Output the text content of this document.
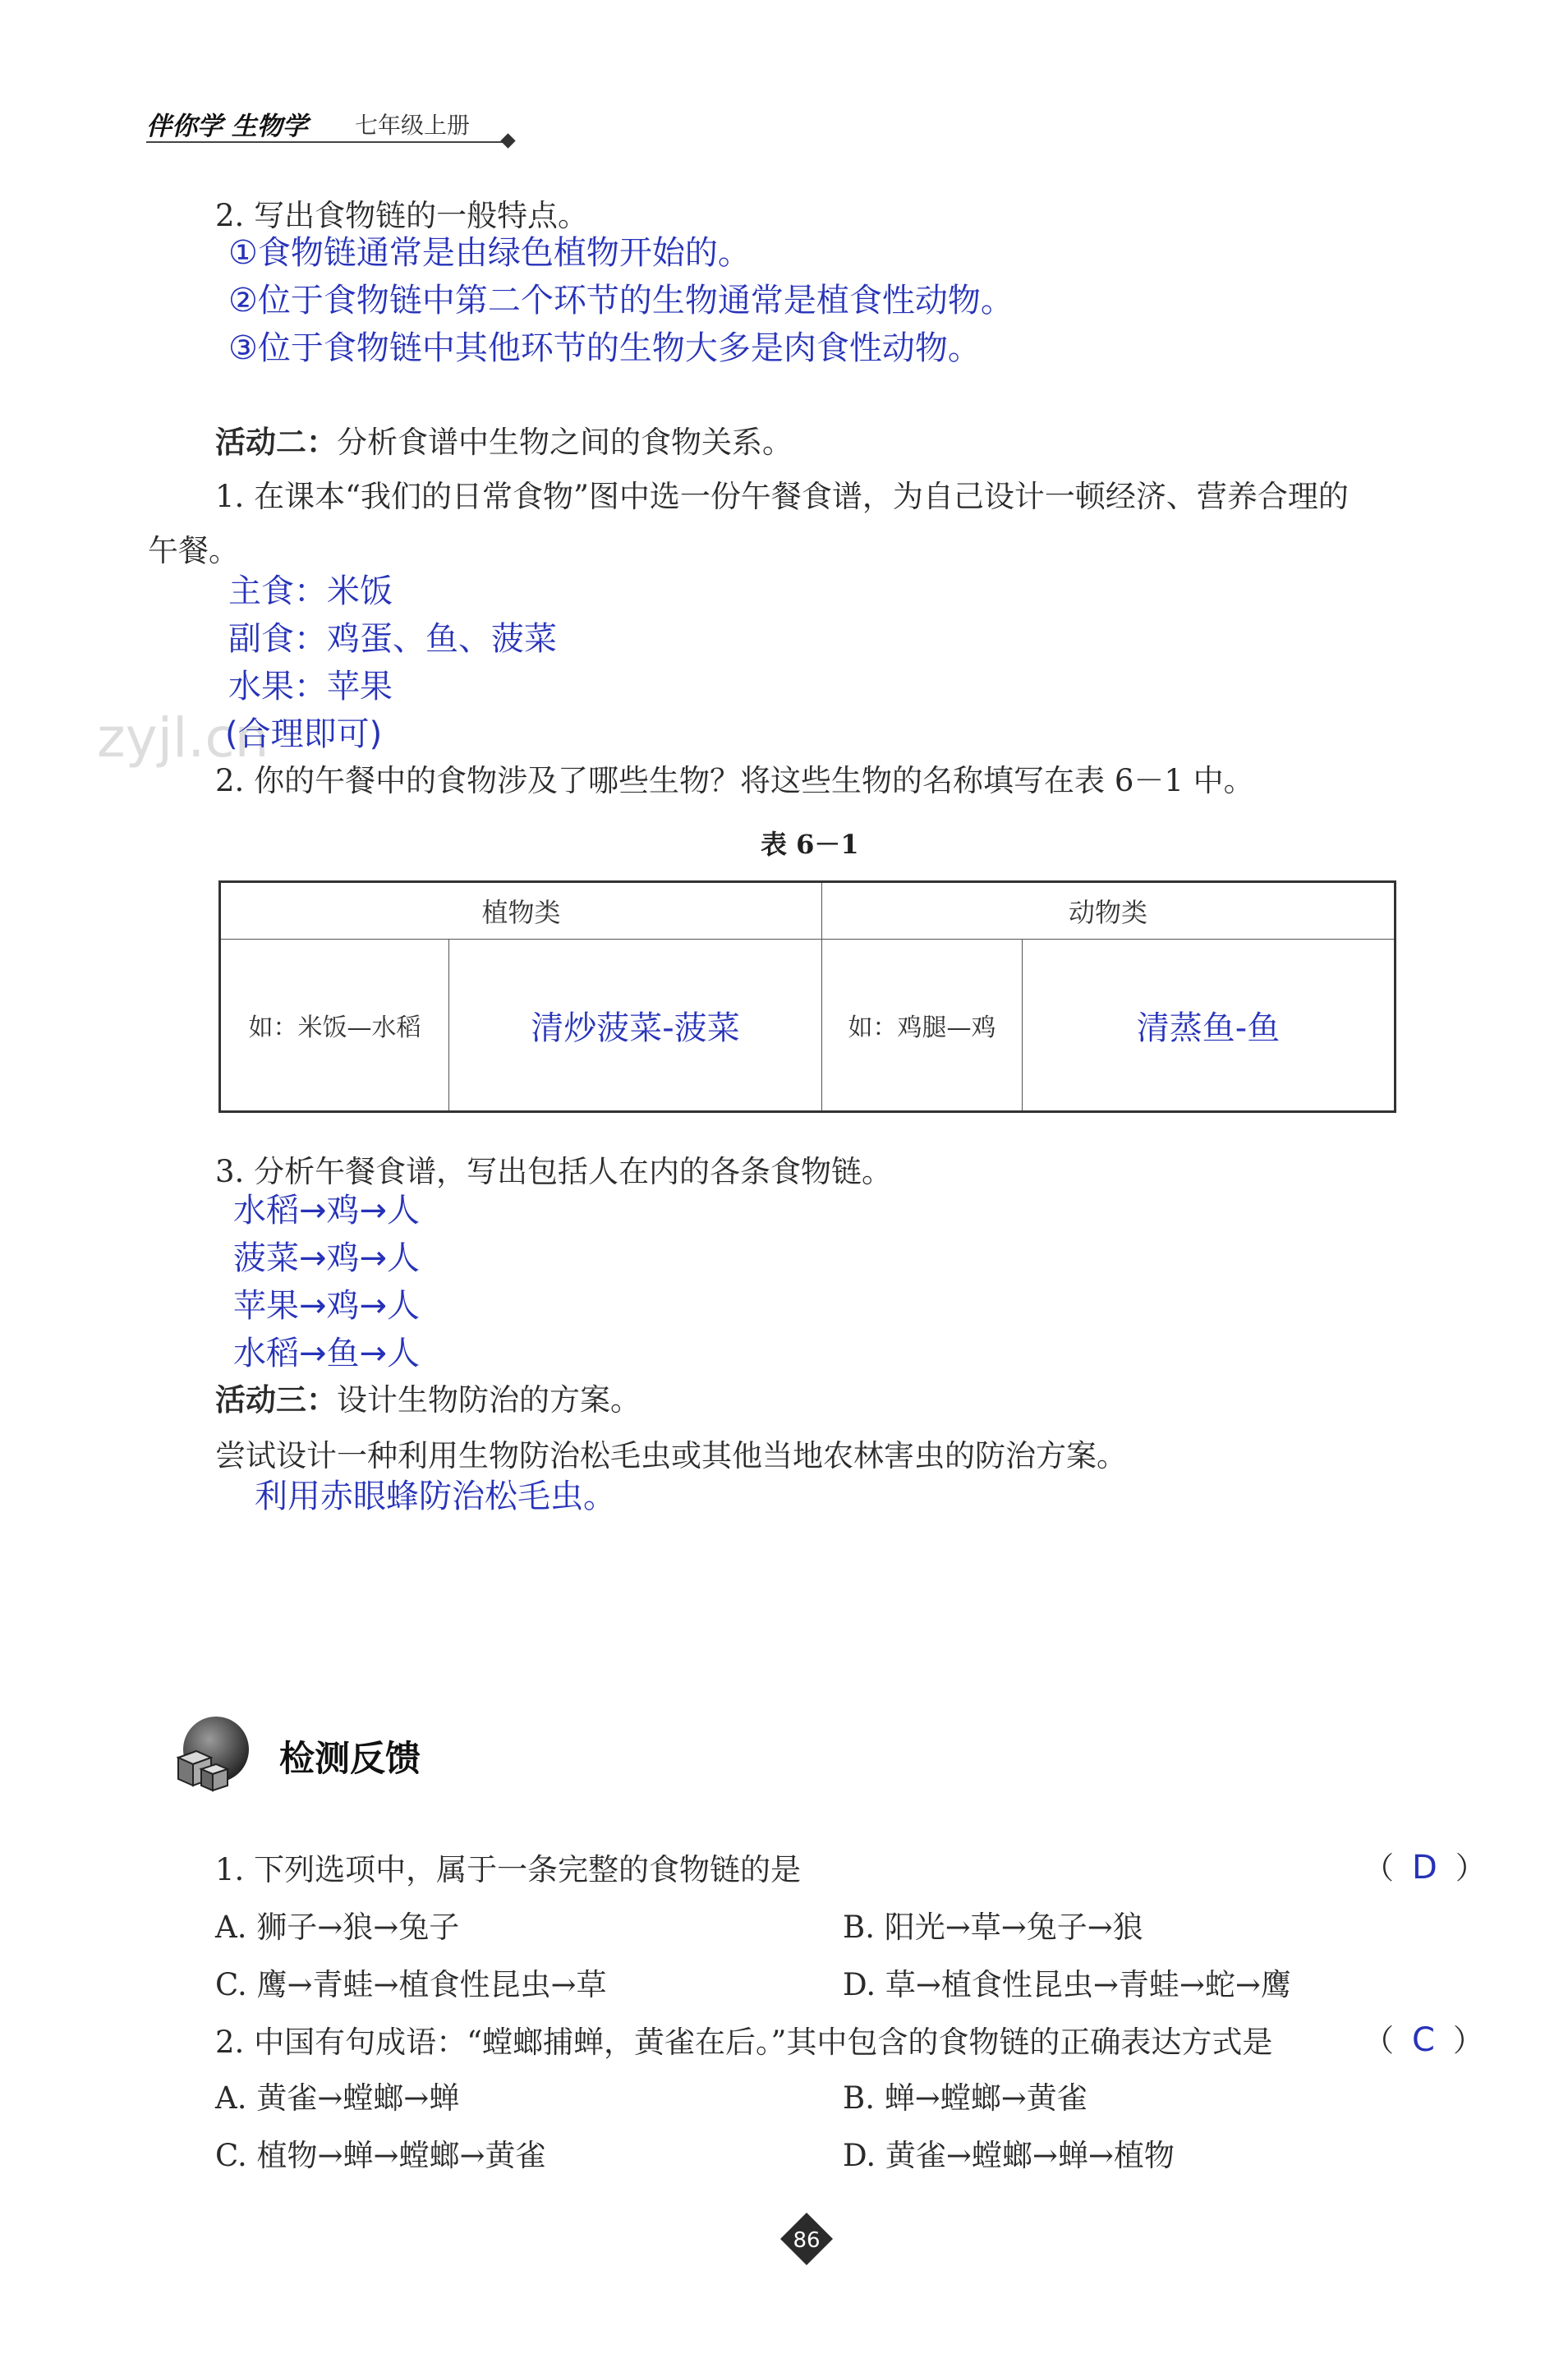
伴你学 生物学 七年级上册
zyjl.cn
2. 写出食物链的一般特点。
①食物链通常是由绿色植物开始的。
②位于食物链中第二个环节的生物通常是植食性动物。
③位于食物链中其他环节的生物大多是肉食性动物。
活动二：分析食谱中生物之间的食物关系。
1. 在课本“我们的日常食物”图中选一份午餐食谱，为自己设计一顿经济、营养合理的
午餐。
主食：米饭
副食：鸡蛋、鱼、菠菜
水果：苹果
(合理即可)
2. 你的午餐中的食物涉及了哪些生物？将这些生物的名称填写在表 6－1 中。
表 6－1
植物类		动物类	
如：米饭—水稻	清炒菠菜-菠菜	如：鸡腿—鸡	清蒸鱼-鱼
3. 分析午餐食谱，写出包括人在内的各条食物链。
水稻→鸡→人
菠菜→鸡→人
苹果→鸡→人
水稻→鱼→人
活动三：设计生物防治的方案。
尝试设计一种利用生物防治松毛虫或其他当地农林害虫的防治方案。
利用赤眼蜂防治松毛虫。
检测反馈
1. 下列选项中，属于一条完整的食物链的是	（ D ）
A. 狮子→狼→兔子	B. 阳光→草→兔子→狼
C. 鹰→青蛙→植食性昆虫→草	D. 草→植食性昆虫→青蛙→蛇→鹰
2. 中国有句成语：“螳螂捕蝉，黄雀在后。”其中包含的食物链的正确表达方式是	（ C ）
A. 黄雀→螳螂→蝉	B. 蝉→螳螂→黄雀
C. 植物→蝉→螳螂→黄雀	D. 黄雀→螳螂→蝉→植物
86
